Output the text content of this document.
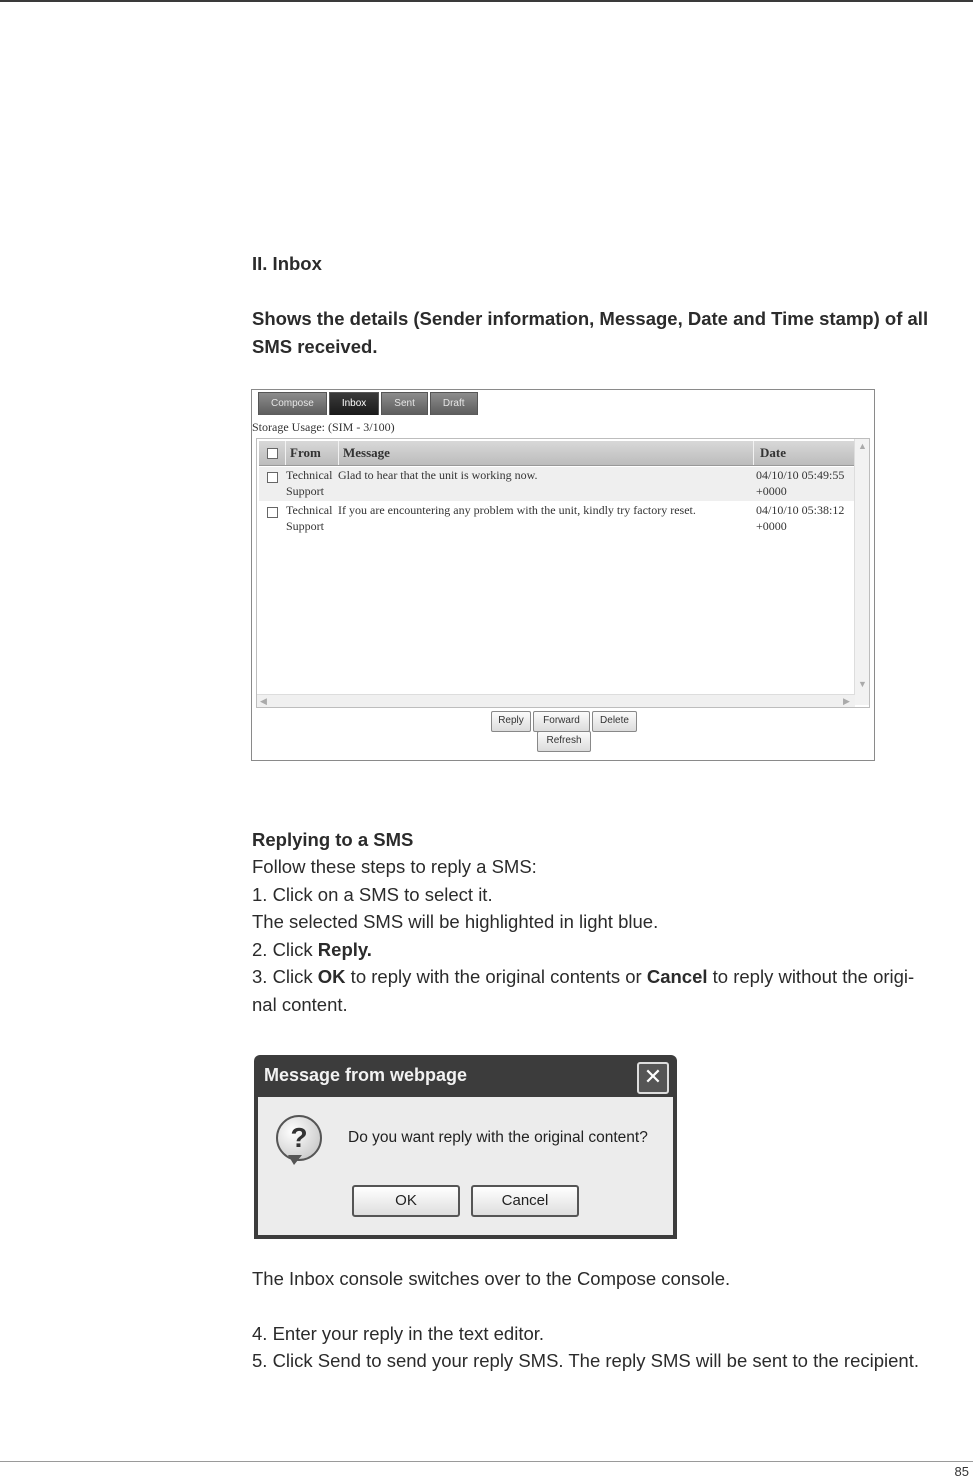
II. Inbox
Shows the details (Sender information, Message, Date and Time stamp) of all SMS received.
Compose	Inbox	Sent	Draft
Storage Usage: (SIM - 3/100)
From	Message	Date
Technical
Support
Glad to hear that the unit is working now.	04/10/10 05:49:55
+0000
Technical
Support
If you are encountering any problem with the unit, kindly try factory reset.	04/10/10 05:38:12
+0000
▲
▼
◀	▶
Reply	Forward	Delete
Refresh
Replying to a SMS
Follow these steps to reply a SMS:
1. Click on a SMS to select it.
The selected SMS will be highlighted in light blue.
2. Click Reply.
3. Click OK to reply with the original contents or Cancel to reply without the origi-
nal content.
Message from webpage	✕
?	Do you want reply with the original content?
OK	Cancel
The Inbox console switches over to the Compose console.
4. Enter your reply in the text editor.
5. Click Send to send your reply SMS. The reply SMS will be sent to the recipient.
85
